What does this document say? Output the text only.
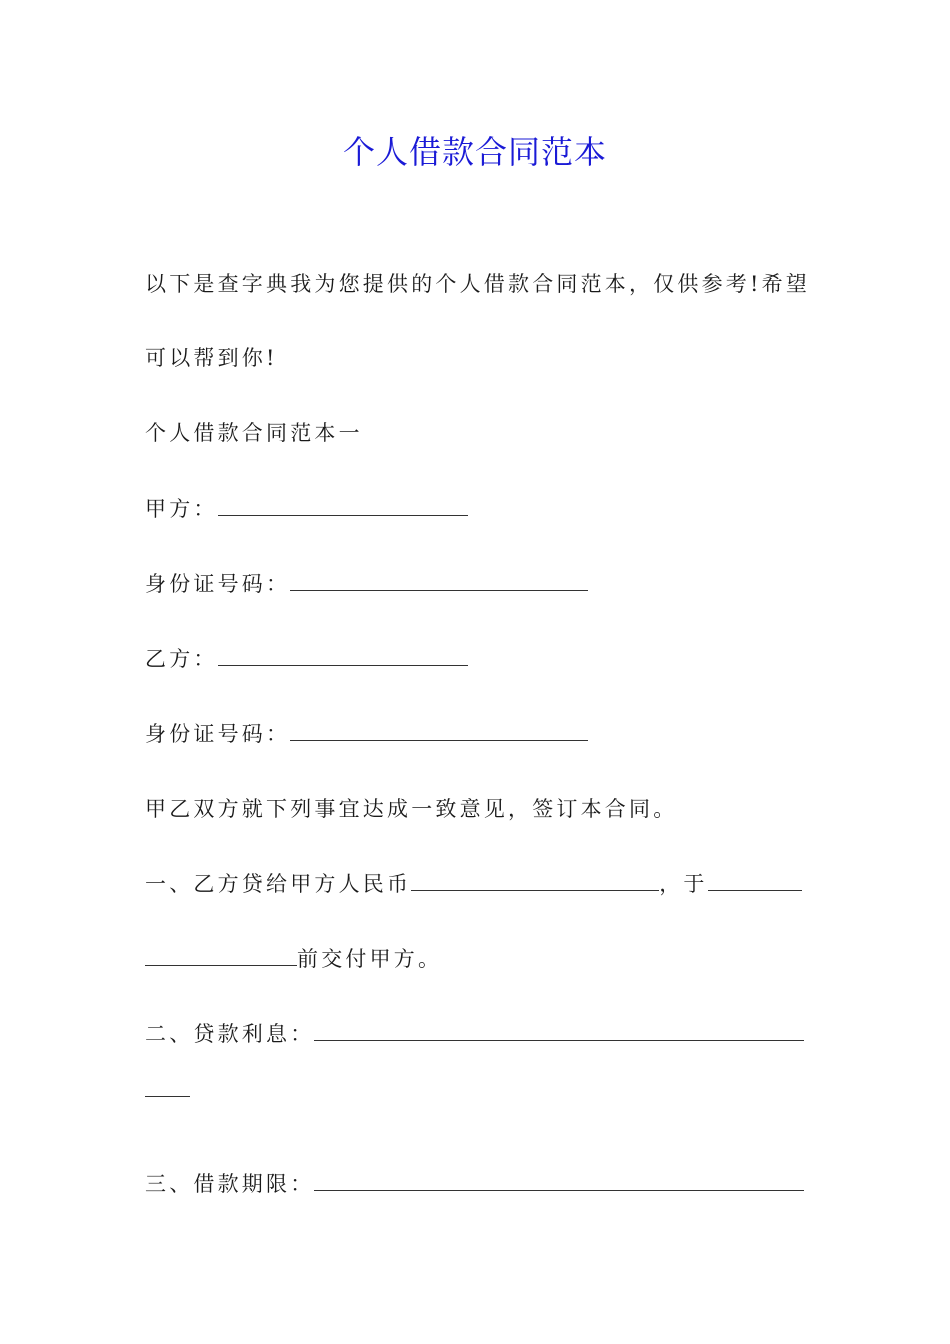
个人借款合同范本
以下是查字典我为您提供的个人借款合同范本，仅供参考!希望
可以帮到你!
个人借款合同范本一
甲方：
身份证号码：
乙方：
身份证号码：
甲乙双方就下列事宜达成一致意见，签订本合同。
一、乙方贷给甲方人民币	，于
前交付甲方。
二、贷款利息：
三、借款期限：
